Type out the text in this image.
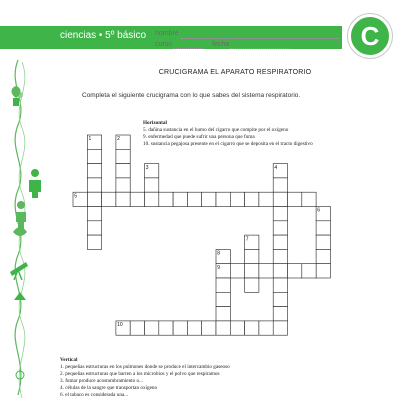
ciencias • 5º básico nombre
curso	fecha	C
CRUCIGRAMA EL APARATO RESPIRATORIO
Completa el siguiente crucigrama con lo que sabes del sistema respiratorio.
Horizontal
5. dañina sustancia en el humo del cigarro que compite por el oxígeno
9. enfermedad que puede sufrir una persona que fuma
10. sustancia pegajosa presente en el cigarro que se deposita en el tracto digestivo
1	2
3	4
5
6
7
8
9
10
Vertical
1. pequeñas estructuras en los pulmones donde se produce el intercambio gaseoso
2. pequeñas estructuras que barren a los microbios y el polvo que respiramos
3. fumar produce acostumbramiento o...
4. células de la sangre que transportan oxígeno
6. el tabaco es considerada una...
